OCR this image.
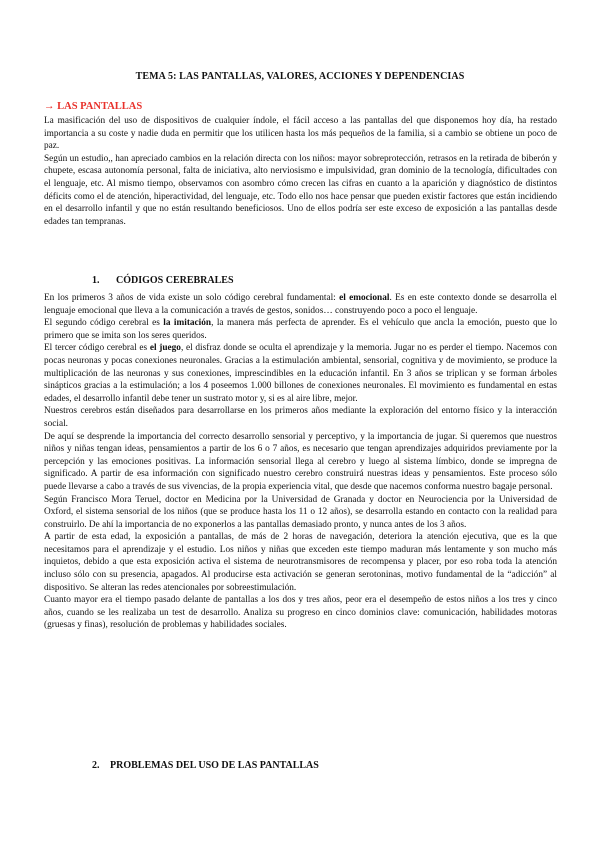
TEMA 5: LAS PANTALLAS, VALORES, ACCIONES Y DEPENDENCIAS
→ LAS PANTALLAS

La masificación del uso de dispositivos de cualquier índole, el fácil acceso a las pantallas del que disponemos hoy día, ha restado importancia a su coste y nadie duda en permitir que los utilicen hasta los más pequeños de la familia, si a cambio se obtiene un poco de paz.

Según un estudio,, han apreciado cambios en la relación directa con los niños: mayor sobreprotección, retrasos en la retirada de biberón y chupete, escasa autonomía personal, falta de iniciativa, alto nerviosismo e impulsividad, gran dominio de la tecnología, dificultades con el lenguaje, etc. Al mismo tiempo, observamos con asombro cómo crecen las cifras en cuanto a la aparición y diagnóstico de distintos déficits como el de atención, hiperactividad, del lenguaje, etc. Todo ello nos hace pensar que pueden existir factores que están incidiendo en el desarrollo infantil y que no están resultando beneficiosos. Uno de ellos podría ser este exceso de exposición a las pantallas desde edades tan tempranas.

1. CÓDIGOS CEREBRALES

En los primeros 3 años de vida existe un solo código cerebral fundamental: el emocional. Es en este contexto donde se desarrolla el lenguaje emocional que lleva a la comunicación a través de gestos, sonidos… construyendo poco a poco el lenguaje.

El segundo código cerebral es la imitación, la manera más perfecta de aprender. Es el vehículo que ancla la emoción, puesto que lo primero que se imita son los seres queridos.

El tercer código cerebral es el juego, el disfraz donde se oculta el aprendizaje y la memoria. Jugar no es perder el tiempo. Nacemos con pocas neuronas y pocas conexiones neuronales. Gracias a la estimulación ambiental, sensorial, cognitiva y de movimiento, se produce la multiplicación de las neuronas y sus conexiones, imprescindibles en la educación infantil. En 3 años se triplican y se forman árboles sinápticos gracias a la estimulación; a los 4 poseemos 1.000 billones de conexiones neuronales. El movimiento es fundamental en estas edades, el desarrollo infantil debe tener un sustrato motor y, si es al aire libre, mejor.

Nuestros cerebros están diseñados para desarrollarse en los primeros años mediante la exploración del entorno físico y la interacción social.

De aquí se desprende la importancia del correcto desarrollo sensorial y perceptivo, y la importancia de jugar. Si queremos que nuestros niños y niñas tengan ideas, pensamientos a partir de los 6 o 7 años, es necesario que tengan aprendizajes adquiridos previamente por la percepción y las emociones positivas. La información sensorial llega al cerebro y luego al sistema límbico, donde se impregna de significado. A partir de esa información con significado nuestro cerebro construirá nuestras ideas y pensamientos. Este proceso sólo puede llevarse a cabo a través de sus vivencias, de la propia experiencia vital, que desde que nacemos conforma nuestro bagaje personal.

Según Francisco Mora Teruel, doctor en Medicina por la Universidad de Granada y doctor en Neurociencia por la Universidad de Oxford, el sistema sensorial de los niños (que se produce hasta los 11 o 12 años), se desarrolla estando en contacto con la realidad para construirlo. De ahí la importancia de no exponerlos a las pantallas demasiado pronto, y nunca antes de los 3 años.

A partir de esta edad, la exposición a pantallas, de más de 2 horas de navegación, deteriora la atención ejecutiva, que es la que necesitamos para el aprendizaje y el estudio. Los niños y niñas que exceden este tiempo maduran más lentamente y son mucho más inquietos, debido a que esta exposición activa el sistema de neurotransmisores de recompensa y placer, por eso roba toda la atención incluso sólo con su presencia, apagados. Al producirse esta activación se generan serotoninas, motivo fundamental de la “adicción” al dispositivo. Se alteran las redes atencionales por sobreestimulación.

Cuanto mayor era el tiempo pasado delante de pantallas a los dos y tres años, peor era el desempeño de estos niños a los tres y cinco años, cuando se les realizaba un test de desarrollo. Analiza su progreso en cinco dominios clave: comunicación, habilidades motoras (gruesas y finas), resolución de problemas y habilidades sociales.

2. PROBLEMAS DEL USO DE LAS PANTALLAS
